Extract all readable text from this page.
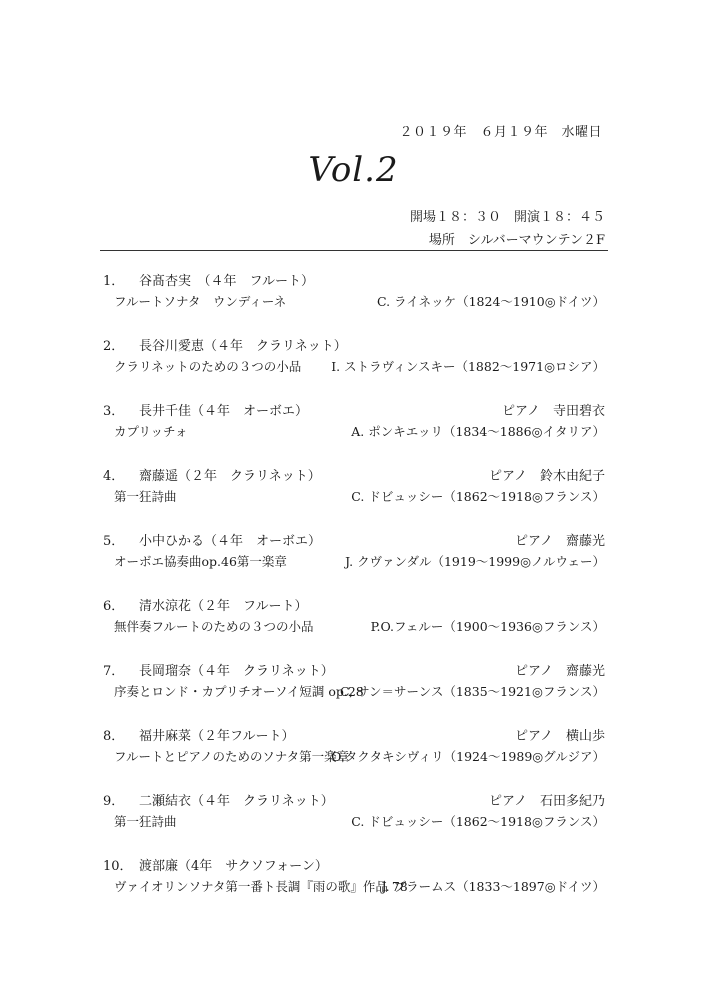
２０１９年　６月１９年　水曜日
Vol.2
開場１８：３０　開演１８：４５
場所　シルバーマウンテン２F
1． 谷髙杏実　（４年　フルート）
フルートソナタ　ウンディーネ	C. ライネッケ（1824〜1910◎ドイツ）
2． 長谷川愛恵（４年　クラリネット）
クラリネットのための３つの小品 I. ストラヴィンスキー（1882〜1971◎ロシア）
3． 長井千佳（４年　オーボエ）	ピアノ　寺田碧衣
カプリッチォ	A. ポンキエッリ（1834〜1886◎イタリア）
4． 齋藤遥（２年　クラリネット）	ピアノ　鈴木由紀子
第一狂詩曲	C. ドビュッシー（1862〜1918◎フランス）
5． 小中ひかる（４年　オーボエ）	ピアノ　齋藤光
オーボエ協奏曲op.46第一楽章	J. クヴァンダル（1919〜1999◎ノルウェー）
6． 清水涼花（２年　フルート）
無伴奏フルートのための３つの小品	P.O.フェルー（1900〜1936◎フランス）
7． 長岡瑠奈（４年　クラリネット）	ピアノ　齋藤光
序奏とロンド・カプリチオーソイ短調 op.28
C, サン＝サーンス（1835〜1921◎フランス）
8． 福井麻菜（２年フルート）	ピアノ　横山歩
フルートとピアノのためのソナタ第一楽章
O.タクタキシヴィリ（1924〜1989◎グルジア）
9． 二瀬結衣（４年　クラリネット）	ピアノ　石田多紀乃
第一狂詩曲	C. ドビュッシー（1862〜1918◎フランス）
10． 渡部廉（4年　サクソフォーン）
ヴァイオリンソナタ第一番ト長調『雨の歌』作品 78
J. ブラームス（1833〜1897◎ドイツ）
